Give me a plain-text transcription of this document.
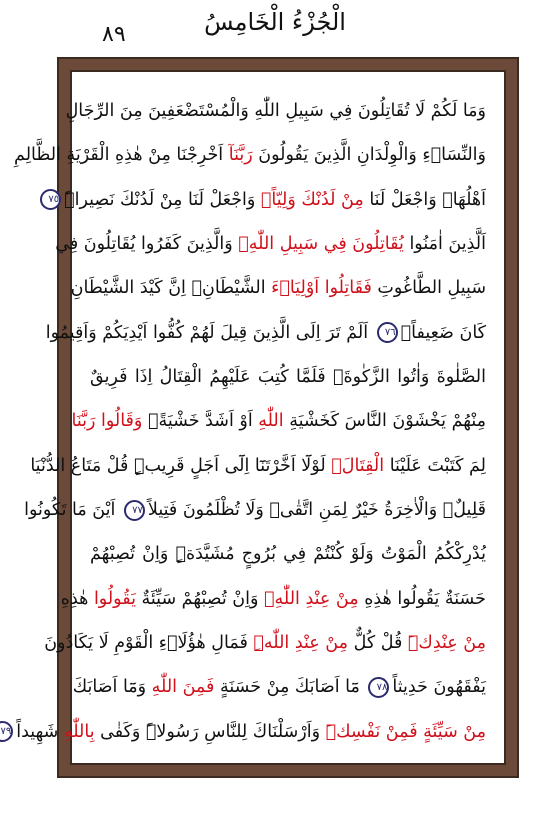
الْجُزْءُ الْخَامِسُ
٨٩
وَمَا لَكُمْ لَا تُقَاتِلُونَ فِي سَبِيلِ اللّٰهِ وَالْمُسْتَضْعَفِينَ مِنَ الرِّجَالِ
وَالنِّسَاۤءِ وَالْوِلْدَانِ الَّذِينَ يَقُولُونَ رَبَّنَآ اَخْرِجْنَا مِنْ هٰذِهِ الْقَرْيَةِ الظَّالِمِ
اَهْلُهَاۚ وَاجْعَلْ لَنَا مِنْ لَدُنْكَ وَلِيّاًۚ وَاجْعَلْ لَنَا مِنْ لَدُنْكَ نَصِيراًۜ٧٥
اَلَّذِينَ اٰمَنُوا يُقَاتِلُونَ فِي سَبِيلِ اللّٰهِۚ وَالَّذِينَ كَفَرُوا يُقَاتِلُونَ فِي
سَبِيلِ الطَّاغُوتِ فَقَاتِلُوا اَوْلِيَاۤءَ الشَّيْطَانِۚ اِنَّ كَيْدَ الشَّيْطَانِ
كَانَ ضَعِيفاًۚ٧٦ اَلَمْ تَرَ اِلَى الَّذِينَ قِيلَ لَهُمْ كُفُّوا اَيْدِيَكُمْ وَاَقِيمُوا
الصَّلٰوةَ وَاٰتُوا الزَّكٰوةَۚ فَلَمَّا كُتِبَ عَلَيْهِمُ الْقِتَالُ اِذَا فَرِيقٌ
مِنْهُمْ يَخْشَوْنَ النَّاسَ كَخَشْيَةِ اللّٰهِ اَوْ اَشَدَّ خَشْيَةًۚ وَقَالُوا رَبَّنَا
لِمَ كَتَبْتَ عَلَيْنَا الْقِتَالَۚ لَوْلَٓا اَخَّرْتَنَٓا اِلَٓى اَجَلٍ قَرِيبٍۜ قُلْ مَتَاعُ الدُّنْيَا
قَلِيلٌۚ وَالْاٰخِرَةُ خَيْرٌ لِمَنِ اتَّقٰىۜ وَلَا تُظْلَمُونَ فَتِيلاً٧٧ اَيْنَ مَا تَكُونُوا
يُدْرِكْكُمُ الْمَوْتُ وَلَوْ كُنْتُمْ فِي بُرُوجٍ مُشَيَّدَةٍۜ وَاِنْ تُصِبْهُمْ
حَسَنَةٌ يَقُولُوا هٰذِهِ مِنْ عِنْدِ اللّٰهِۚ وَاِنْ تُصِبْهُمْ سَيِّئَةٌ يَقُولُوا هٰذِهِ
مِنْ عِنْدِكَۜ قُلْ كُلٌّ مِنْ عِنْدِ اللّٰهِۜ فَمَالِ هٰؤُلَاۤءِ الْقَوْمِ لَا يَكَادُونَ
يَفْقَهُونَ حَدِيثاً٧٨ مَٓا اَصَابَكَ مِنْ حَسَنَةٍ فَمِنَ اللّٰهِ وَمَٓا اَصَابَكَ
مِنْ سَيِّئَةٍ فَمِنْ نَفْسِكَۜ وَاَرْسَلْنَاكَ لِلنَّاسِ رَسُولاًۜ وَكَفٰى بِاللّٰهِ شَهِيداً٧٩
